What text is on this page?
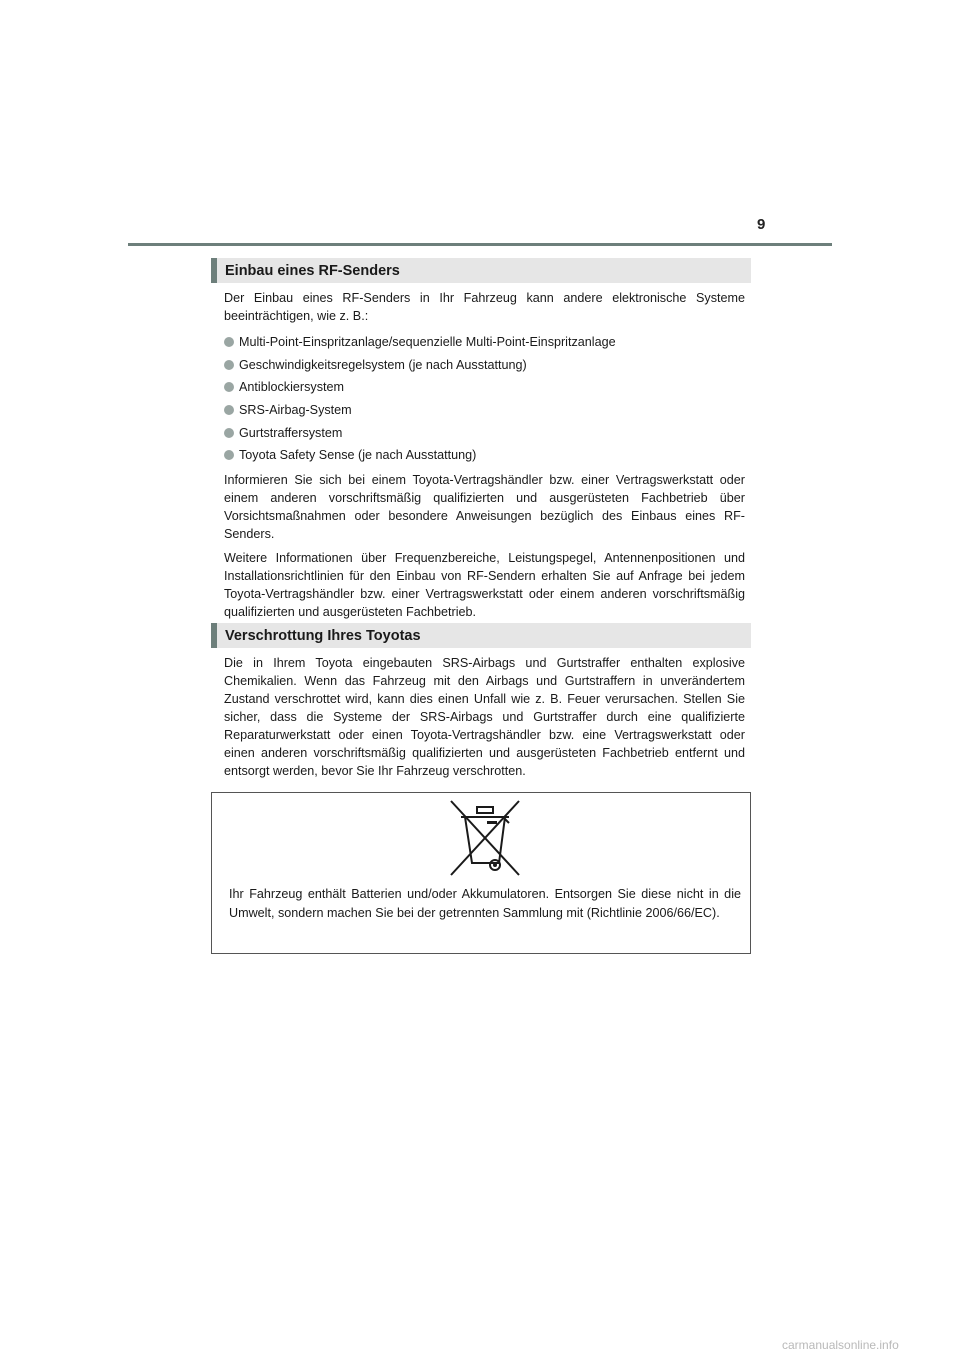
9
Einbau eines RF-Senders

Der Einbau eines RF-Senders in Ihr Fahrzeug kann andere elektronische Systeme beeinträchtigen, wie z. B.:

Multi-Point-Einspritzanlage/sequenzielle Multi-Point-Einspritzanlage
Geschwindigkeitsregelsystem (je nach Ausstattung)
Antiblockiersystem
SRS-Airbag-System
Gurtstraffersystem
Toyota Safety Sense (je nach Ausstattung)

Informieren Sie sich bei einem Toyota-Vertragshändler bzw. einer Vertragswerkstatt oder einem anderen vorschriftsmäßig qualifizierten und ausgerüsteten Fachbetrieb über Vorsichtsmaßnahmen oder besondere Anweisungen bezüglich des Einbaus eines RF-Senders.

Weitere Informationen über Frequenzbereiche, Leistungspegel, Antennenpositionen und Installationsrichtlinien für den Einbau von RF-Sendern erhalten Sie auf Anfrage bei jedem Toyota-Vertragshändler bzw. einer Vertragswerkstatt oder einem anderen vorschriftsmäßig qualifizierten und ausgerüsteten Fachbetrieb.

Verschrottung Ihres Toyotas

Die in Ihrem Toyota eingebauten SRS-Airbags und Gurtstraffer enthalten explosive Chemikalien. Wenn das Fahrzeug mit den Airbags und Gurtstraffern in unverändertem Zustand verschrottet wird, kann dies einen Unfall wie z. B. Feuer verursachen. Stellen Sie sicher, dass die Systeme der SRS-Airbags und Gurtstraffer durch eine qualifizierte Reparaturwerkstatt oder einen Toyota-Vertragshändler bzw. eine Vertragswerkstatt oder einen anderen vorschriftsmäßig qualifizierten und ausgerüsteten Fachbetrieb entfernt und entsorgt werden, bevor Sie Ihr Fahrzeug verschrotten.

Ihr Fahrzeug enthält Batterien und/oder Akkumulatoren. Entsorgen Sie diese nicht in die Umwelt, sondern machen Sie bei der getrennten Sammlung mit (Richtlinie 2006/66/EC).

carmanualsonline.info
